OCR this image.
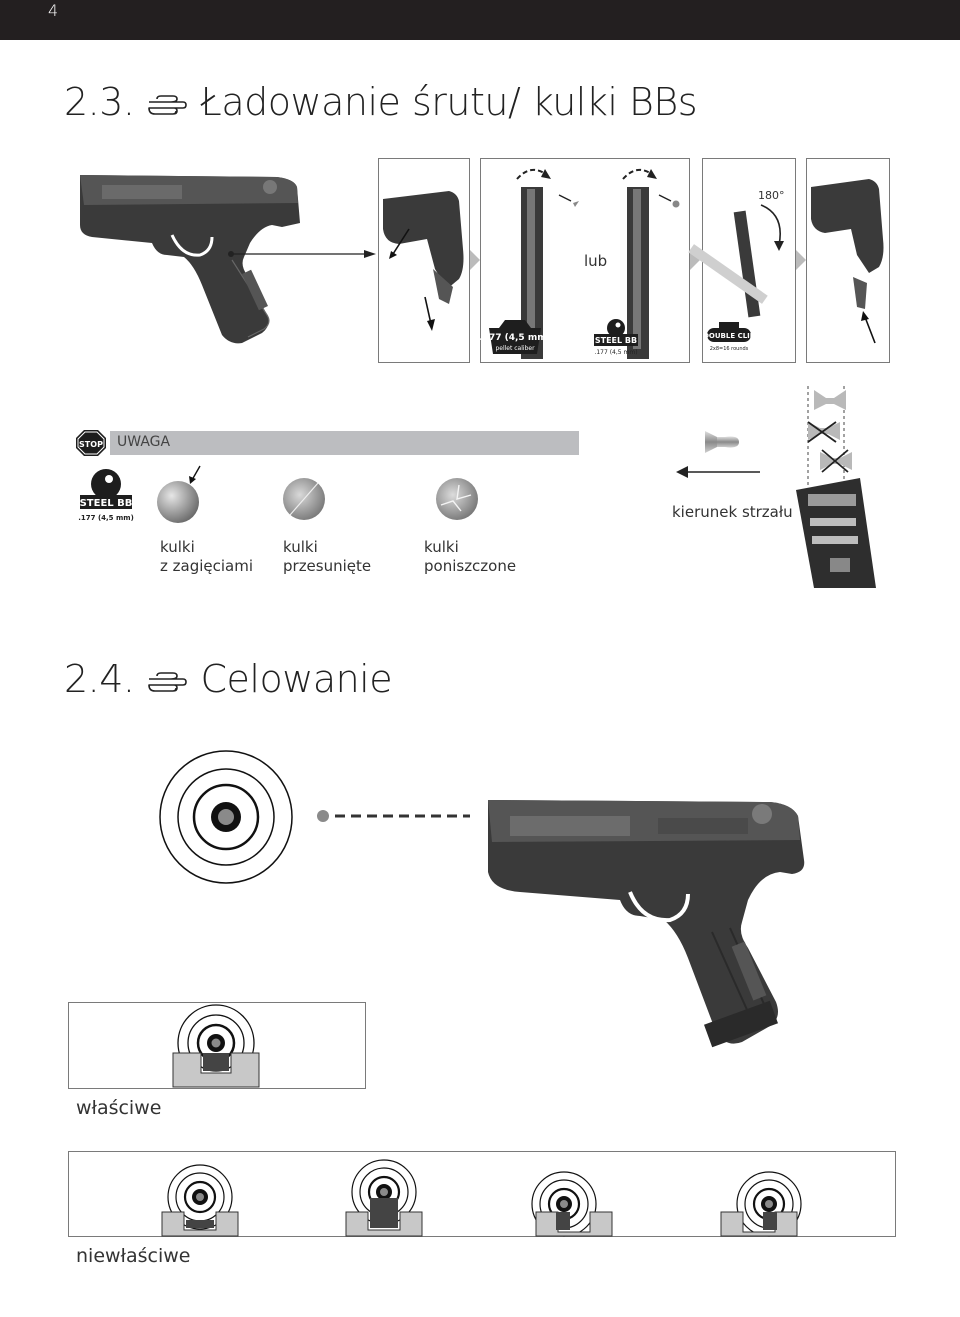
4
2.3. Ładowanie śrutu/ kulki BBs
lub
.177 (4,5 mm)
pellet caliber
STEEL BB
.177 (4,5 mm)
180°
DOUBLE CLIP
2x8=16 rounds
STOP UWAGA
STEEL BB
.177 (4,5 mm)
kulki
z zagięciami
kulki
przesunięte
kulki
poniszczone
kierunek strzału
2.4. Celowanie
właściwe
niewłaściwe
